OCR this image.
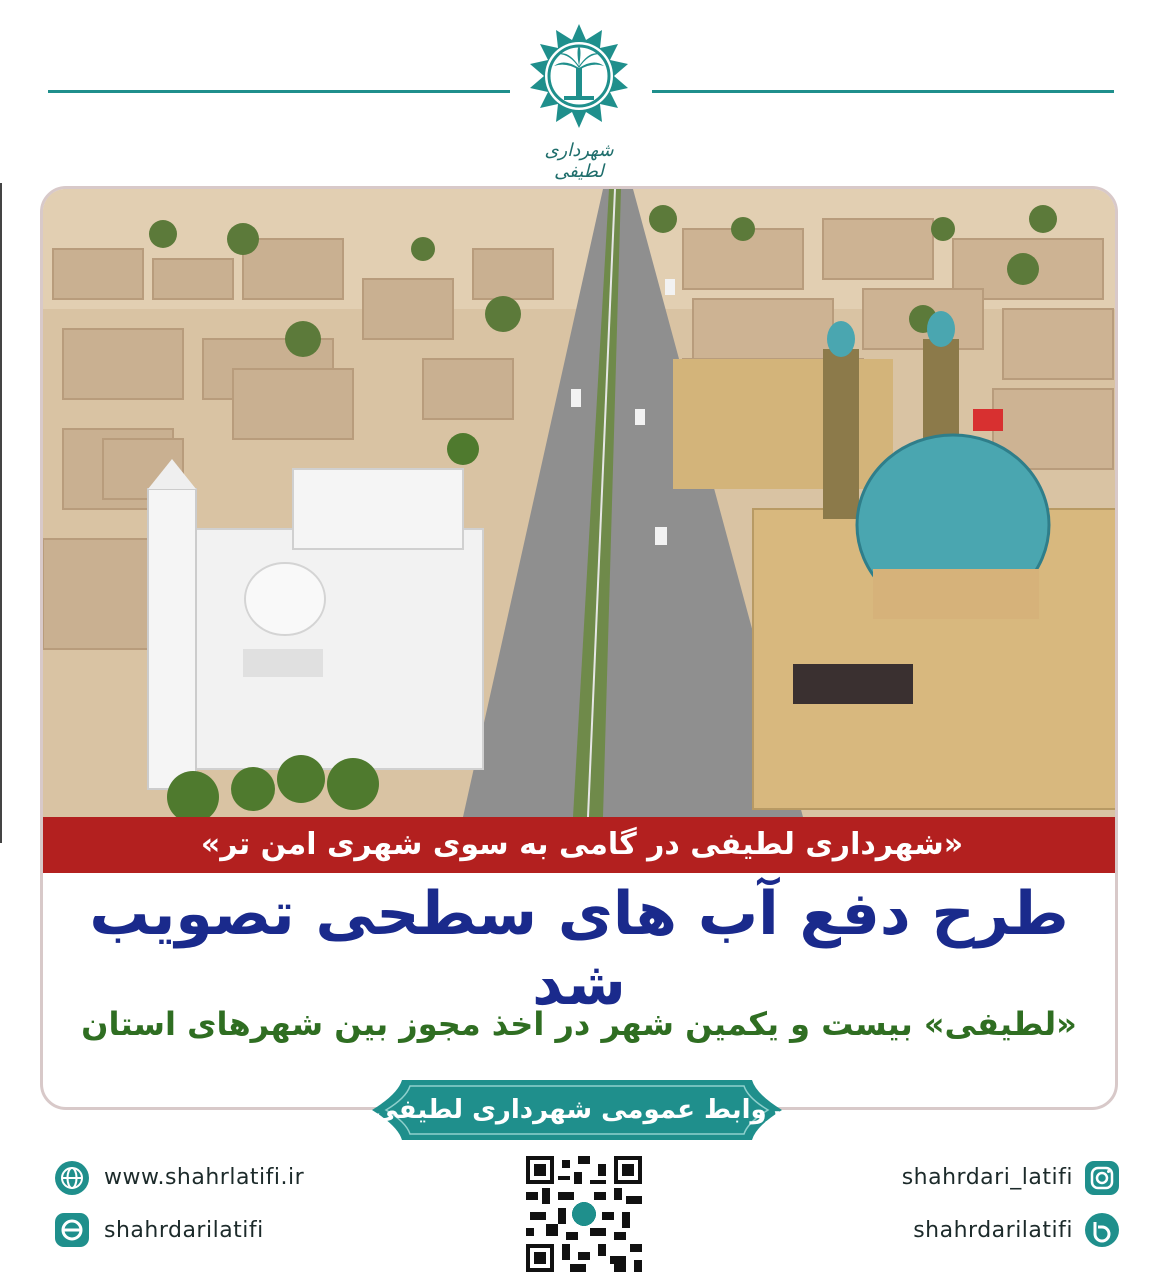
شهرداری لطیفی
«شهرداری لطیفی در گامی به سوی شهری امن تر»
طرح دفع آب های سطحی تصویب شد
«لطیفی» بیست و یکمین شهر در اخذ مجوز بین شهرهای استان
روابط عمومی شهرداری لطیفی
www.shahrlatifi.ir
shahrdarilatifi
shahrdari_latifi
shahrdarilatifi
